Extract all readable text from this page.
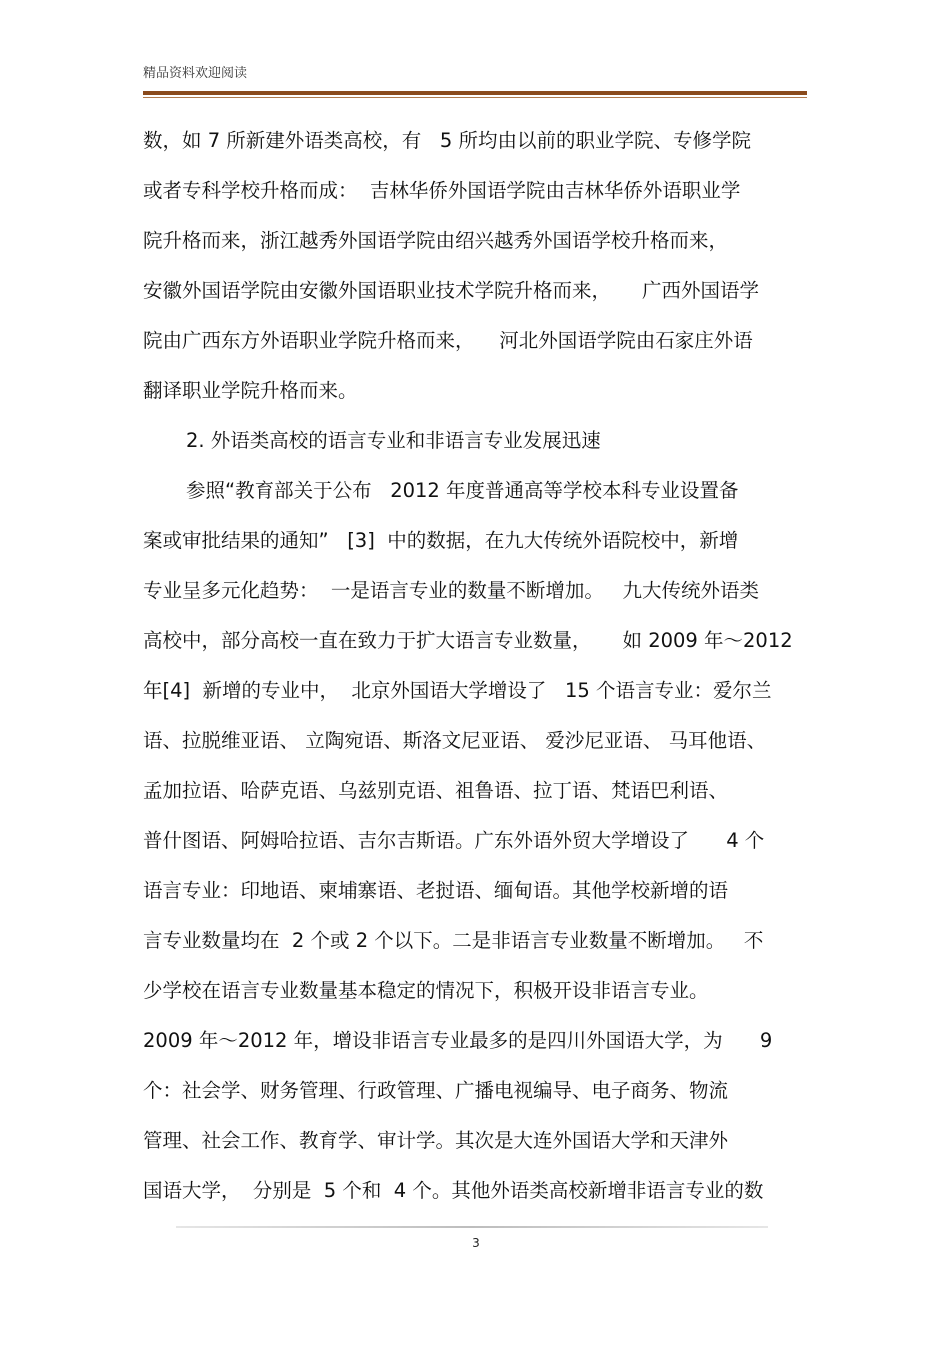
精品资料欢迎阅读
数，如 7 所新建外语类高校，有   5 所均由以前的职业学院、专修学院
或者专科学校升格而成：  吉林华侨外国语学院由吉林华侨外语职业学
院升格而来，浙江越秀外国语学院由绍兴越秀外国语学校升格而来，
安徽外国语学院由安徽外国语职业技术学院升格而来，     广西外国语学
院由广西东方外语职业学院升格而来，    河北外国语学院由石家庄外语
翻译职业学院升格而来。
2. 外语类高校的语言专业和非语言专业发展迅速
参照“教育部关于公布   2012 年度普通高等学校本科专业设置备
案或审批结果的通知”   [3]  中的数据，在九大传统外语院校中，新增
专业呈多元化趋势：  一是语言专业的数量不断增加。   九大传统外语类
高校中，部分高校一直在致力于扩大语言专业数量，     如 2009 年～2012
年[4]  新增的专业中，  北京外国语大学增设了   15 个语言专业：爱尔兰
语、拉脱维亚语、 立陶宛语、斯洛文尼亚语、 爱沙尼亚语、 马耳他语、
孟加拉语、哈萨克语、乌兹别克语、祖鲁语、拉丁语、梵语巴利语、
普什图语、阿姆哈拉语、吉尔吉斯语。广东外语外贸大学增设了      4 个
语言专业：印地语、柬埔寨语、老挝语、缅甸语。其他学校新增的语
言专业数量均在  2 个或 2 个以下。二是非语言专业数量不断增加。   不
少学校在语言专业数量基本稳定的情况下，积极开设非语言专业。
2009 年～2012 年，增设非语言专业最多的是四川外国语大学，为      9
个：社会学、财务管理、行政管理、广播电视编导、电子商务、物流
管理、社会工作、教育学、审计学。其次是大连外国语大学和天津外
国语大学，  分别是  5 个和  4 个。其他外语类高校新增非语言专业的数
3
